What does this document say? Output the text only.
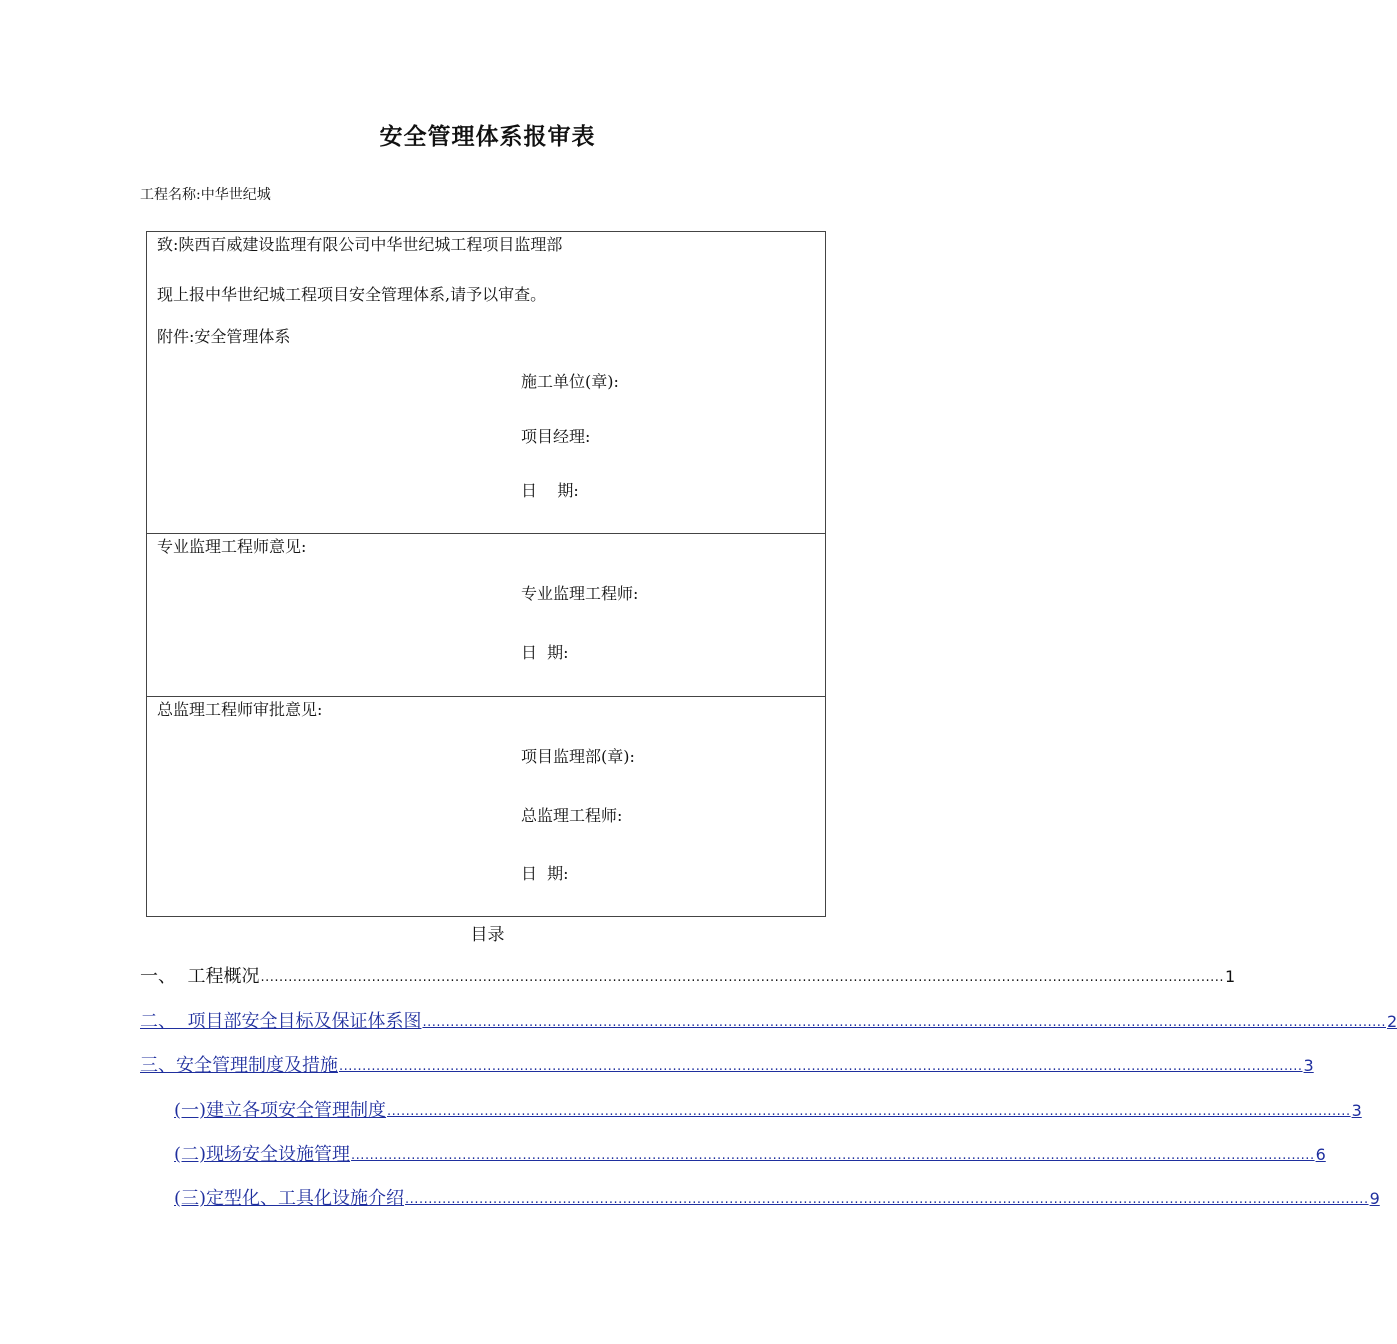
安全管理体系报审表
工程名称:中华世纪城
致:陕西百威建设监理有限公司中华世纪城工程项目监理部
现上报中华世纪城工程项目安全管理体系,请予以审查。
附件:安全管理体系
施工单位(章):
项目经理:
日    期:
专业监理工程师意见:
专业监理工程师:
日  期:
总监理工程师审批意见:
项目监理部(章):
总监理工程师:
日  期:
目录
一、  工程概况 ................................................................................................................................................................................................................ 1
二、  项目部安全目标及保证体系图 ................................................................................................................................................................................................................ 2
三、安全管理制度及措施 ................................................................................................................................................................................................................ 3
(一)建立各项安全管理制度 ................................................................................................................................................................................................................ 3
(二)现场安全设施管理 ................................................................................................................................................................................................................ 6
(三)定型化、工具化设施介绍 ................................................................................................................................................................................................................ 9
